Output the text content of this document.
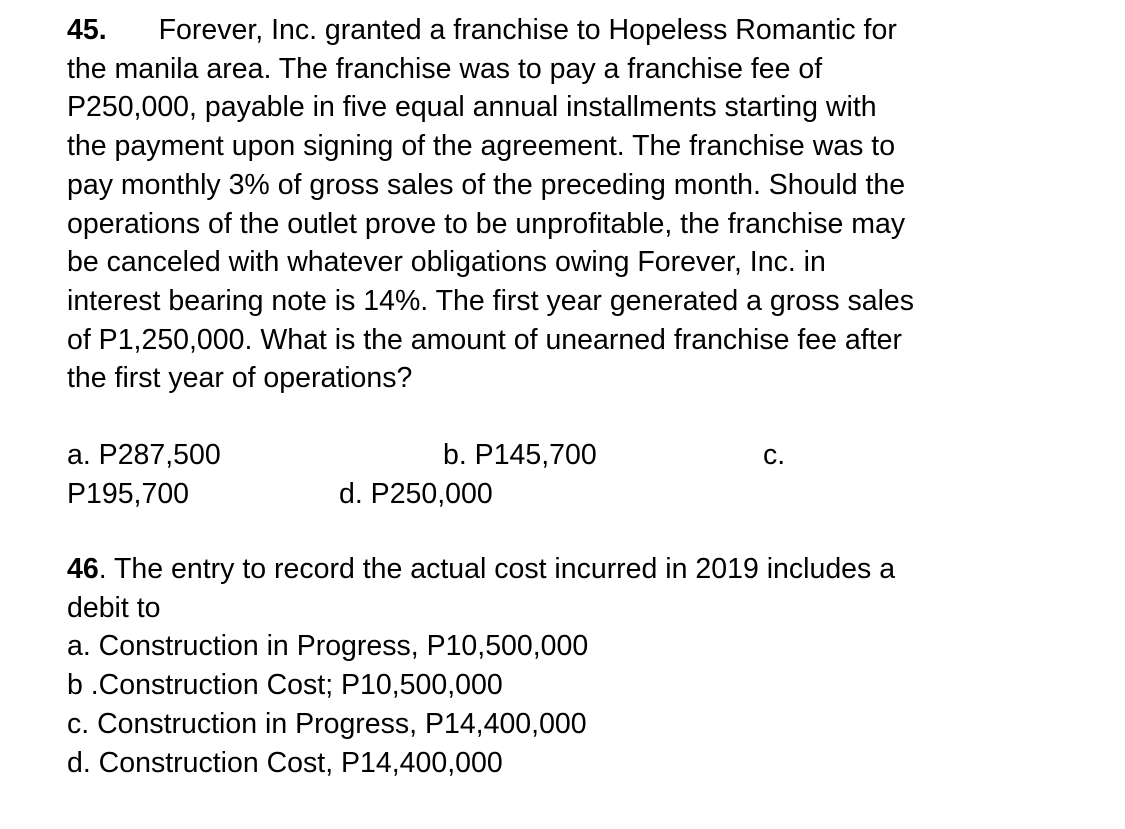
45. Forever, Inc. granted a franchise to Hopeless Romantic for
the manila area. The franchise was to pay a franchise fee of
P250,000, payable in five equal annual installments starting with
the payment upon signing of the agreement. The franchise was to
pay monthly 3% of gross sales of the preceding month. Should the
operations of the outlet prove to be unprofitable, the franchise may
be canceled with whatever obligations owing Forever, Inc. in
interest bearing note is 14%. The first year generated a gross sales
of P1,250,000. What is the amount of unearned franchise fee after
the first year of operations?
a. P287,500	b. P145,700	c.
P195,700	d. P250,000
46. The entry to record the actual cost incurred in 2019 includes a
debit to
a. Construction in Progress, P10,500,000
b .Construction Cost; P10,500,000
c. Construction in Progress, P14,400,000
d. Construction Cost, P14,400,000
